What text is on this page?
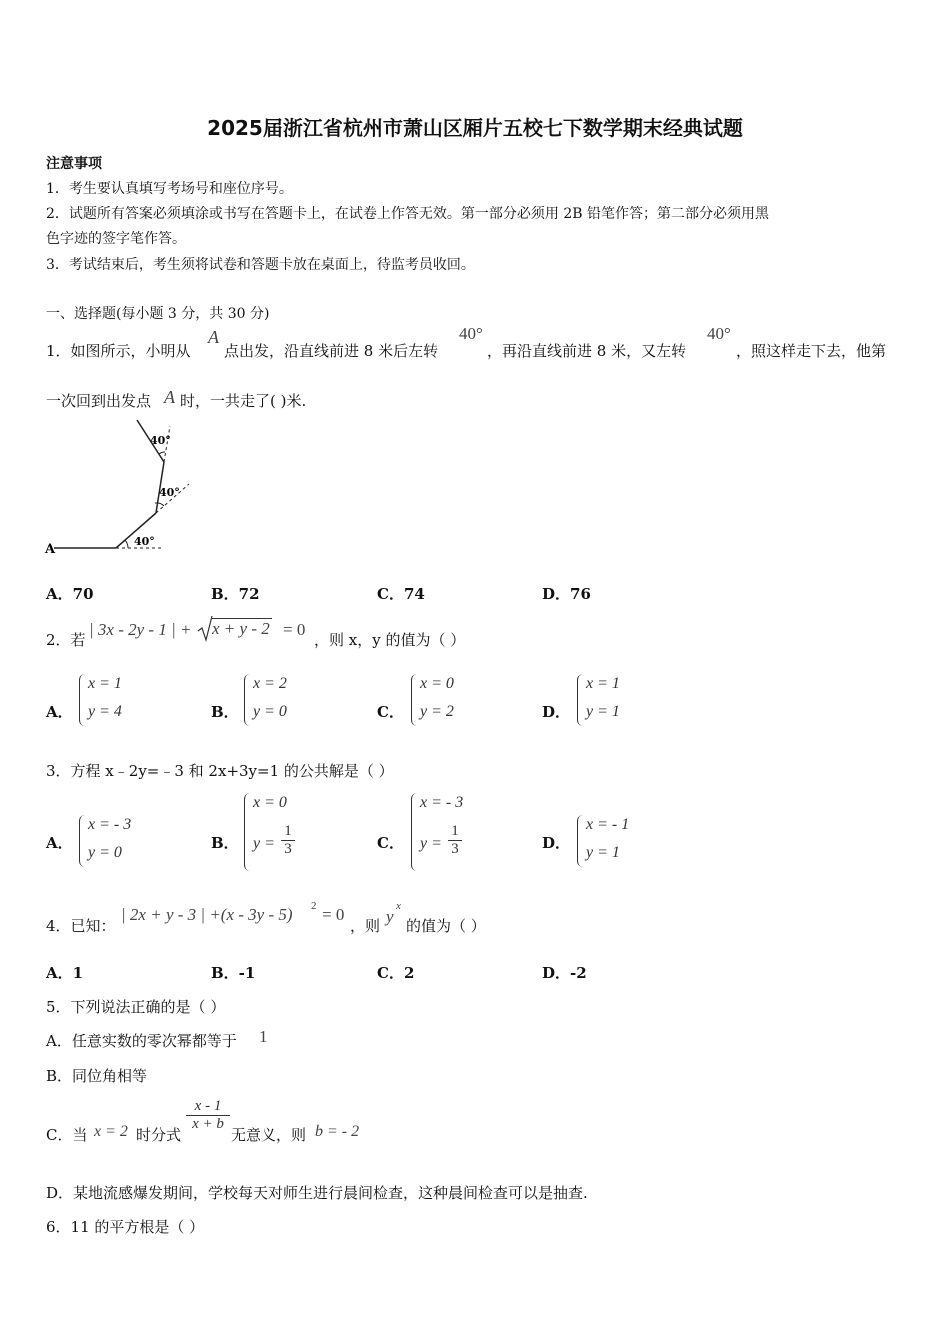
2025届浙江省杭州市萧山区厢片五校七下数学期末经典试题
注意事项
1．考生要认真填写考场号和座位序号。
2．试题所有答案必须填涂或书写在答题卡上，在试卷上作答无效。第一部分必须用 2B 铅笔作答；第二部分必须用黑
色字迹的签字笔作答。
3．考试结束后，考生须将试卷和答题卡放在桌面上，待监考员收回。
一、选择题(每小题 3 分，共 30 分)
1．如图所示，小明从
A
点出发，沿直线前进 8 米后左转
40°
，再沿直线前进 8 米，又左转
40°
，照这样走下去，他第
一次回到出发点 A 时，一共走了( )米.
A
40°
40°
40°
A．70	B．72	C．74	D．76
2．若
| 3x - 2y - 1 | + x + y - 2 = 0
，则 x，y 的值为（ ）
A．
x = 1
y = 4	B．
x = 2
y = 0	C．
x = 0
y = 2	D．
x = 1
y = 1
3．方程 x﹣2y=﹣3 和 2x+3y=1 的公共解是（ ）
A．
x = - 3
y = 0
B．
x = 0
$y = \frac{1}{3}$	C．
x = - 3
$y = \frac{1}{3}$	D．
x = - 1
y = 1
4．已知：
| 2x + y - 3 | +(x - 3y - 5) 2 = 0
，则 y
x
的值为（ ）
A．1	B．-1	C．2	D．-2
5．下列说法正确的是（ ）
A．任意实数的零次幂都等于 1
B．同位角相等
C．当 x = 2 时分式
$\frac{x - 1}{x + b}$
无意义，则 b = - 2
D．某地流感爆发期间，学校每天对师生进行晨间检查，这种晨间检查可以是抽查.
6．11 的平方根是（ ）
